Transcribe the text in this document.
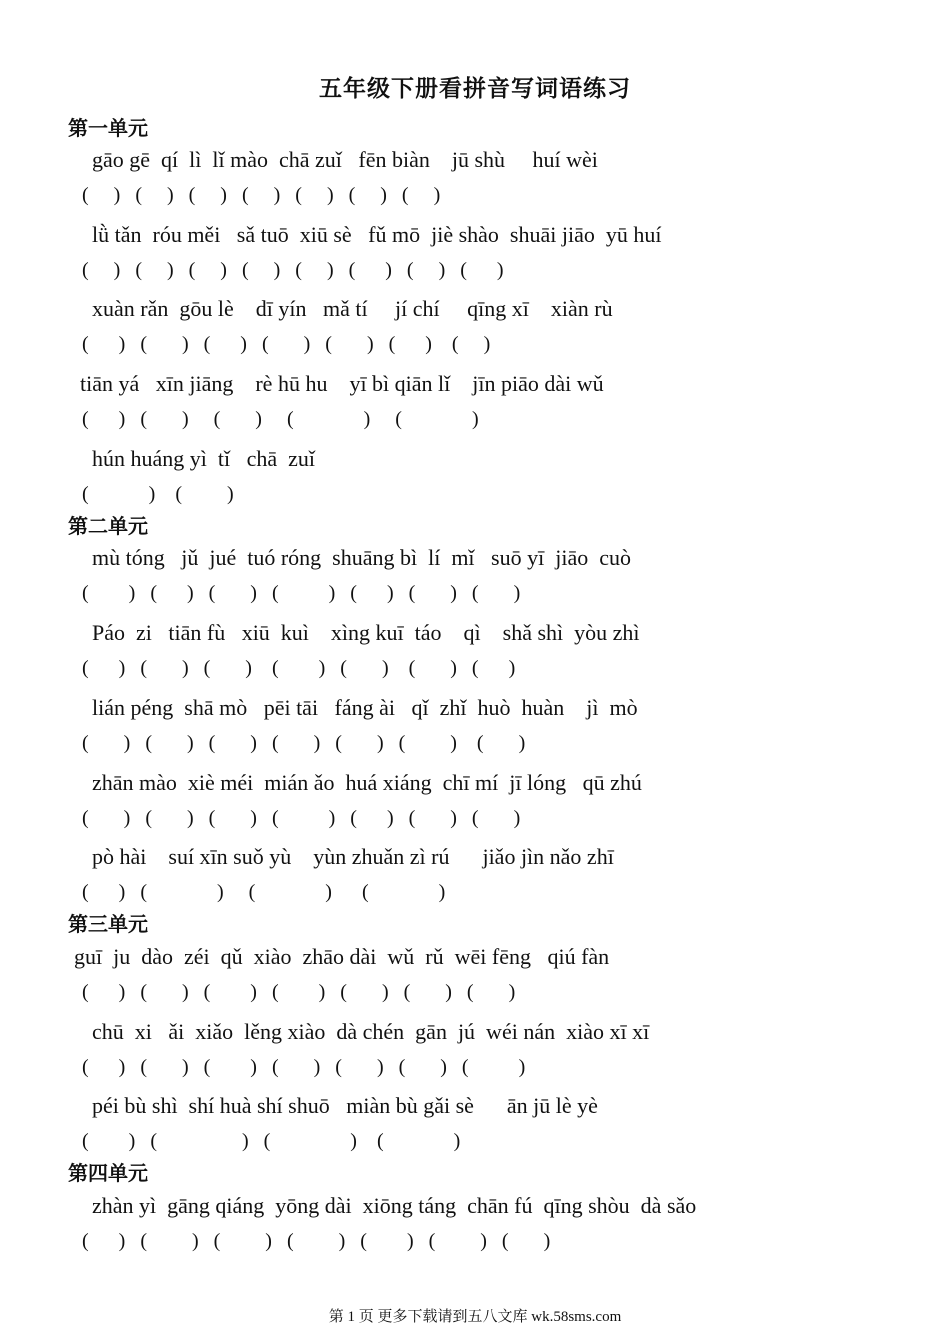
五年级下册看拼音写词语练习
第一单元
gāo gē  qí  lì  lǐ mào  chā zuǐ   fēn biàn    jū shù     huí wèi
(     )   (     )   (     )   (     )   (     )   (     )   (     )
lǜ tǎn  róu měi   sǎ tuō  xiū sè   fǔ mō  jiè shào  shuāi jiāo  yū huí
(     )   (     )   (     )   (     )   (     )   (      )   (     )   (      )
xuàn rǎn  gōu lè    dī yín   mǎ tí     jí chí     qīng xī    xiàn rù
(      )   (       )   (      )   (       )   (       )   (      )    (     )
tiān yá   xīn jiāng    rè hū hu    yī bì qiān lǐ    jīn piāo dài wǔ
(      )   (       )     (       )     (              )     (              )
hún huáng yì  tǐ   chā  zuǐ
(            )    (         )
第二单元
mù tóng   jǔ  jué  tuó róng  shuāng bì  lí  mǐ   suō yī  jiāo  cuò
(        )   (      )   (       )   (          )   (      )   (       )   (       )
Páo  zi   tiān fù   xiū  kuì    xìng kuī  táo    qì    shǎ shì  yòu zhì
(      )   (       )   (       )    (        )   (       )    (       )   (      )
lián péng  shā mò   pēi tāi   fáng ài   qǐ  zhǐ  huò  huàn    jì  mò
(       )   (       )   (       )   (       )   (       )   (         )    (       )
zhān mào  xiè méi  mián ǎo  huá xiáng  chī mí  jī lóng   qū zhú
(       )   (       )   (       )   (          )   (      )   (       )   (       )
pò hài    suí xīn suǒ yù    yùn zhuǎn zì rú      jiǎo jìn nǎo zhī
(      )   (              )     (              )      (              )
第三单元
guī  ju  dào  zéi  qǔ  xiào  zhāo dài  wǔ  rǔ  wēi fēng   qiú fàn
(      )   (       )   (        )   (        )   (       )   (       )   (       )
chū  xi   ǎi  xiǎo  lěng xiào  dà chén  gān  jú  wéi nán  xiào xī xī
(      )   (       )   (        )   (       )   (       )   (       )   (          )
péi bù shì  shí huà shí shuō   miàn bù gǎi sè      ān jū lè yè
(        )   (                 )   (                )    (              )
第四单元
zhàn yì  gāng qiáng  yōng dài  xiōng táng  chān fú  qīng shòu  dà sǎo
(      )   (         )   (         )   (         )   (        )   (         )   (       )
第 1 页 更多下载请到五八文库 wk.58sms.com
